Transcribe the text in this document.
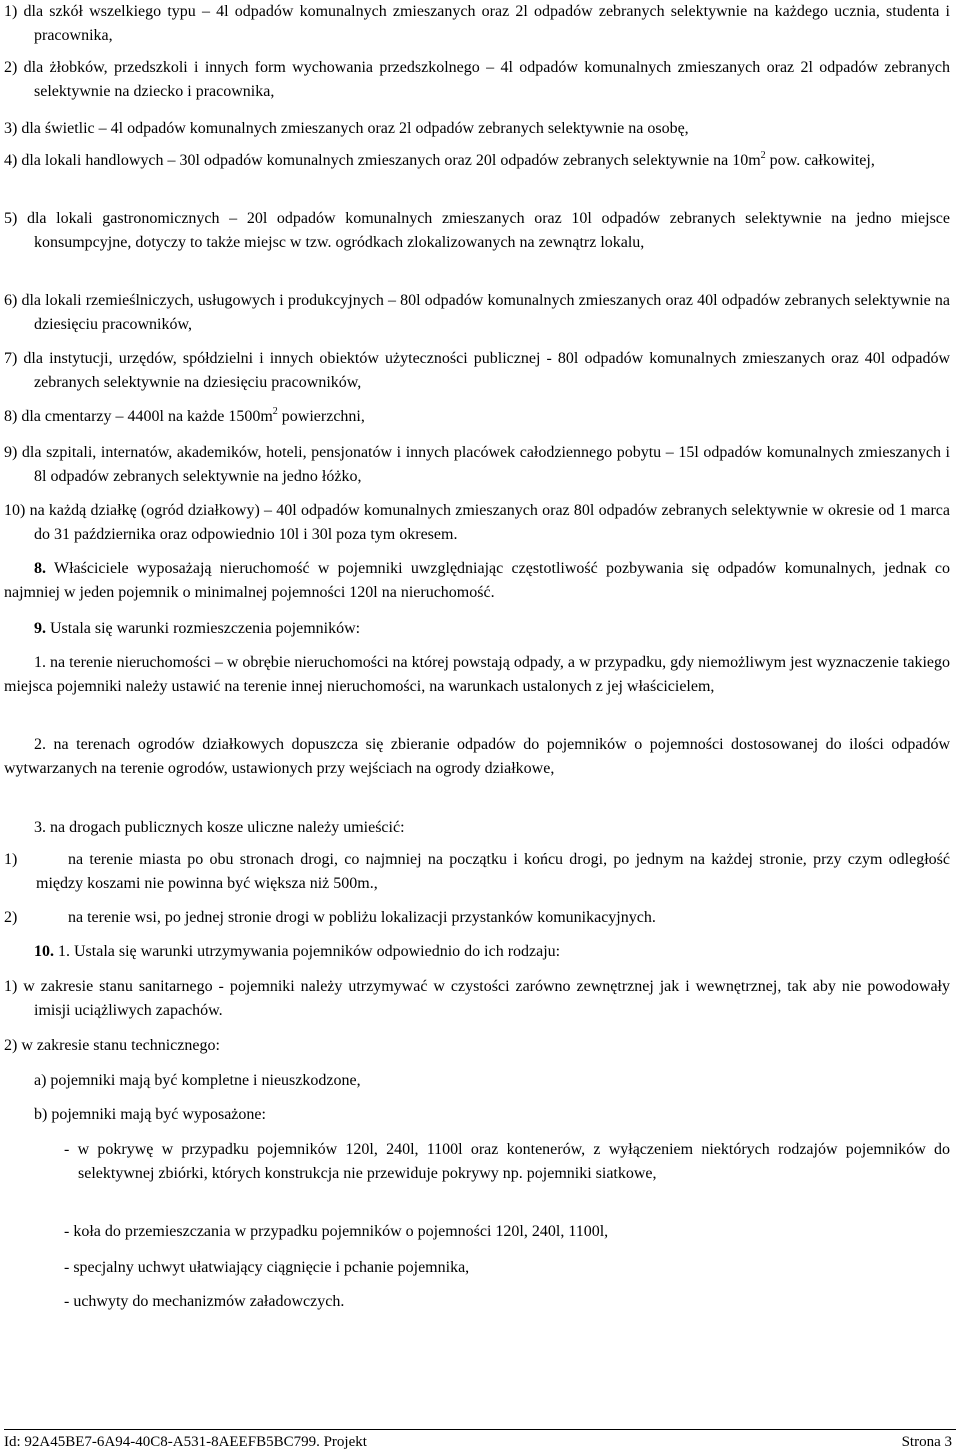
1) dla szkół wszelkiego typu – 4l odpadów komunalnych zmieszanych oraz 2l odpadów zebranych selektywnie na każdego ucznia, studenta i pracownika,

2) dla żłobków, przedszkoli i innych form wychowania przedszkolnego – 4l odpadów komunalnych zmieszanych oraz 2l odpadów zebranych selektywnie na dziecko i pracownika,

3) dla świetlic – 4l odpadów komunalnych zmieszanych oraz 2l odpadów zebranych selektywnie na osobę,

4) dla lokali handlowych – 30l odpadów komunalnych zmieszanych oraz 20l odpadów zebranych selektywnie na $10m^2$ pow. całkowitej,

5) dla lokali gastronomicznych – 20l odpadów komunalnych zmieszanych oraz 10l odpadów zebranych selektywnie na jedno miejsce konsumpcyjne, dotyczy to także miejsc w tzw. ogródkach zlokalizowanych na zewnątrz lokalu,

6) dla lokali rzemieślniczych, usługowych i produkcyjnych – 80l odpadów komunalnych zmieszanych oraz 40l odpadów zebranych selektywnie na dziesięciu pracowników,

7) dla instytucji, urzędów, spółdzielni i innych obiektów użyteczności publicznej - 80l odpadów komunalnych zmieszanych oraz 40l odpadów zebranych selektywnie na dziesięciu pracowników,

8) dla cmentarzy – 4400l na każde $1500m^2$ powierzchni,

9) dla szpitali, internatów, akademików, hoteli, pensjonatów i innych placówek całodziennego pobytu – 15l odpadów komunalnych zmieszanych i 8l odpadów zebranych selektywnie na jedno łóżko,

10) na każdą działkę (ogród działkowy) – 40l odpadów komunalnych zmieszanych oraz 80l odpadów zebranych selektywnie w okresie od 1 marca do 31 października oraz odpowiednio 10l i 30l poza tym okresem.

8. Właściciele wyposażają nieruchomość w pojemniki uwzględniając częstotliwość pozbywania się odpadów komunalnych, jednak co najmniej w jeden pojemnik o minimalnej pojemności 120l na nieruchomość.

9. Ustala się warunki rozmieszczenia pojemników:

1. na terenie nieruchomości – w obrębie nieruchomości na której powstają odpady, a w przypadku, gdy niemożliwym jest wyznaczenie takiego miejsca pojemniki należy ustawić na terenie innej nieruchomości, na warunkach ustalonych z jej właścicielem,

2. na terenach ogrodów działkowych dopuszcza się zbieranie odpadów do pojemników o pojemności dostosowanej do ilości odpadów wytwarzanych na terenie ogrodów, ustawionych przy wejściach na ogrody działkowe,

3. na drogach publicznych kosze uliczne należy umieścić:

1)	na terenie miasta po obu stronach drogi, co najmniej na początku i końcu drogi, po jednym na każdej stronie, przy czym odległość między koszami nie powinna być większa niż 500m.,

2)	na terenie wsi, po jednej stronie drogi w pobliżu lokalizacji przystanków komunikacyjnych.

10. 1. Ustala się warunki utrzymywania pojemników odpowiednio do ich rodzaju:

1) w zakresie stanu sanitarnego - pojemniki należy utrzymywać w czystości zarówno zewnętrznej jak i wewnętrznej, tak aby nie powodowały imisji uciążliwych zapachów.

2) w zakresie stanu technicznego:

a) pojemniki mają być kompletne i nieuszkodzone,

b) pojemniki mają być wyposażone:

- w pokrywę w przypadku pojemników 120l, 240l, 1100l oraz kontenerów, z wyłączeniem niektórych rodzajów pojemników do selektywnej zbiórki, których konstrukcja nie przewiduje pokrywy np. pojemniki siatkowe,

- koła do przemieszczania w przypadku pojemników o pojemności 120l, 240l, 1100l,

- specjalny uchwyt ułatwiający ciągnięcie i pchanie pojemnika,

- uchwyty do mechanizmów załadowczych.

Id: 92A45BE7-6A94-40C8-A531-8AEEFB5BC799. Projekt	Strona 3
